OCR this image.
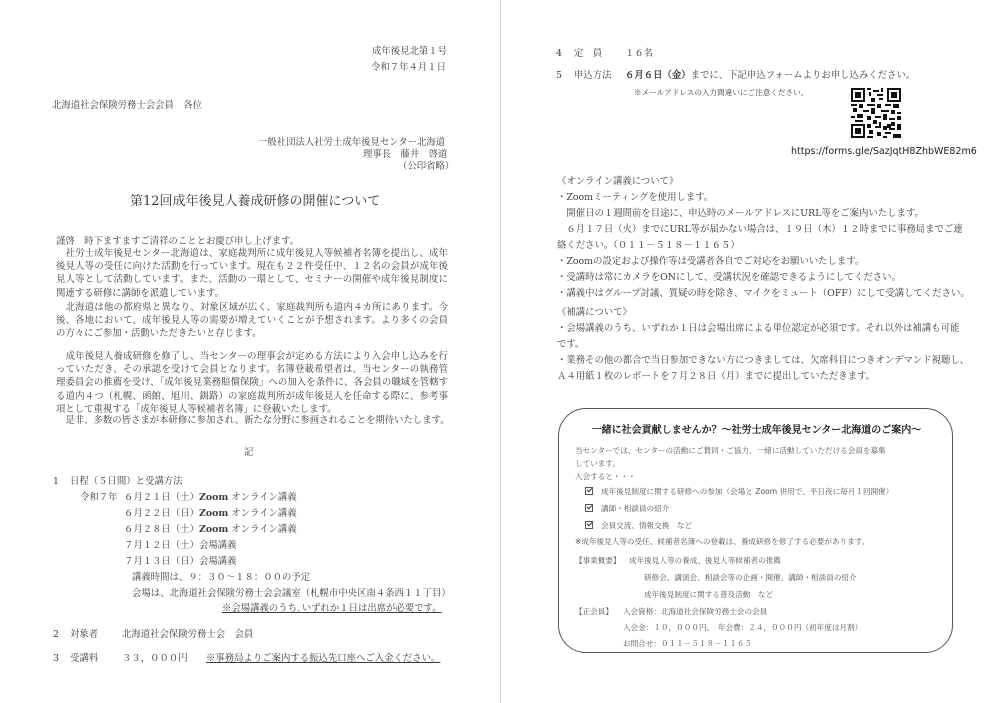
成年後見北第１号
令和７年４月１日
北海道社会保険労務士会会員　各位
一般社団法人社労士成年後見センター北海道
理事長　藤井　啓道
（公印省略）
第12回成年後見人養成研修の開催について
謹啓　時下ますますご清祥のこととお慶び申し上げます。
　社労士成年後見センター北海道は、家庭裁判所に成年後見人等候補者名簿を提出し、成年後見人等の受任に向けた活動を行っています。現在も２２件受任中、１２名の会員が成年後見人等として活動しています。また、活動の一環として、セミナーの開催や成年後見制度に関連する研修に講師を派遣しています。
　北海道は他の都府県と異なり、対象区域が広く、家庭裁判所も道内４カ所にあります。今後、各地において、成年後見人等の需要が増えていくことが予想されます。より多くの会員の方々にご参加・活動いただきたいと存じます。
　成年後見人養成研修を修了し、当センターの理事会が定める方法により入会申し込みを行っていただき、その承認を受けて会員となります。名簿登載希望者は、当センターの執務管理委員会の推薦を受け、「成年後見業務賠償保険」への加入を条件に、各会員の職域を管轄する道内４つ（札幌、函館、旭川、釧路）の家庭裁判所が成年後見人を任命する際に、参考事項として重視する「成年後見人等候補者名簿」に登載いたします。
　是非、多数の皆さまが本研修に参加され、新たな分野に参画されることを期待いたします。
記
1 日程（５日間）と受講方法
令和７年 ６月２１日（土）Zoom オンライン講義
６月２２日（日）Zoom オンライン講義
６月２８日（土）Zoom オンライン講義
７月１２日（土）会場講義
７月１３日（日）会場講義
講義時間は、９：３０～１８：００の予定
会場は、北海道社会保険労務士会会議室（札幌市中央区南４条西１１丁目）
※会場講義のうち､いずれか１日は出席が必要です。
2 対象者	北海道社会保険労務士会　会員
3 受講料	３３，０００円 ※事務局よりご案内する振込先口座へご入金ください。
4 定　員 １６名
5 申込方法 ６月６日（金）までに、下記申込フォームよりお申し込みください。
※メールアドレスの入力間違いにご注意ください。
https://forms.gle/SazJqtH8ZhbWE82m6
《オンライン講義について》
・Zoomミーティングを使用します。
　開催日の１週間前を目途に、申込時のメールアドレスにURL等をご案内いたします。
　６月１７日（火）までにURL等が届かない場合は、１９日（木）１２時までに事務局までご連
絡ください。（０１１－５１８－１１６５）
・Zoomの設定および操作等は受講者各自でご対応をお願いいたします。
・受講時は常にカメラをONにして、受講状況を確認できるようにしてください。
・講義中はグループ討議、質疑の時を除き、マイクをミュート（OFF）にして受講してください。
《補講について》
・会場講義のうち、いずれか１日は会場出席による単位認定が必須です。それ以外は補講も可能
です。
・業務その他の都合で当日参加できない方につきましては、欠席科目につきオンデマンド視聴し、
Ａ４用紙１枚のレポートを７月２８日（月）までに提出していただきます。
一緒に社会貢献しませんか？～社労士成年後見センター北海道のご案内～
当センターでは、センターの活動にご賛同・ご協力、一緒に活動していただける会員を募集
しています。
入会すると・・・
成年後見制度に関する研修への参加（会場と Zoom 併用で、平日夜に毎月１回開催）
講師・相談員の紹介
会員交流、情報交換　など
※成年後見人等の受任、候補者名簿への登載は、養成研修を修了する必要があります。
【事業概要】 成年後見人等の養成、後見人等候補者の推薦
研修会、講演会、相談会等の企画・開催、講師・相談員の紹介
成年後見制度に関する普及活動　など
【正会員】 入会資格：北海道社会保険労務士会の会員
入会金：１０，０００円、　年会費：２４，０００円（初年度は月割）
お問合せ：０１１－５１８－１１６５
